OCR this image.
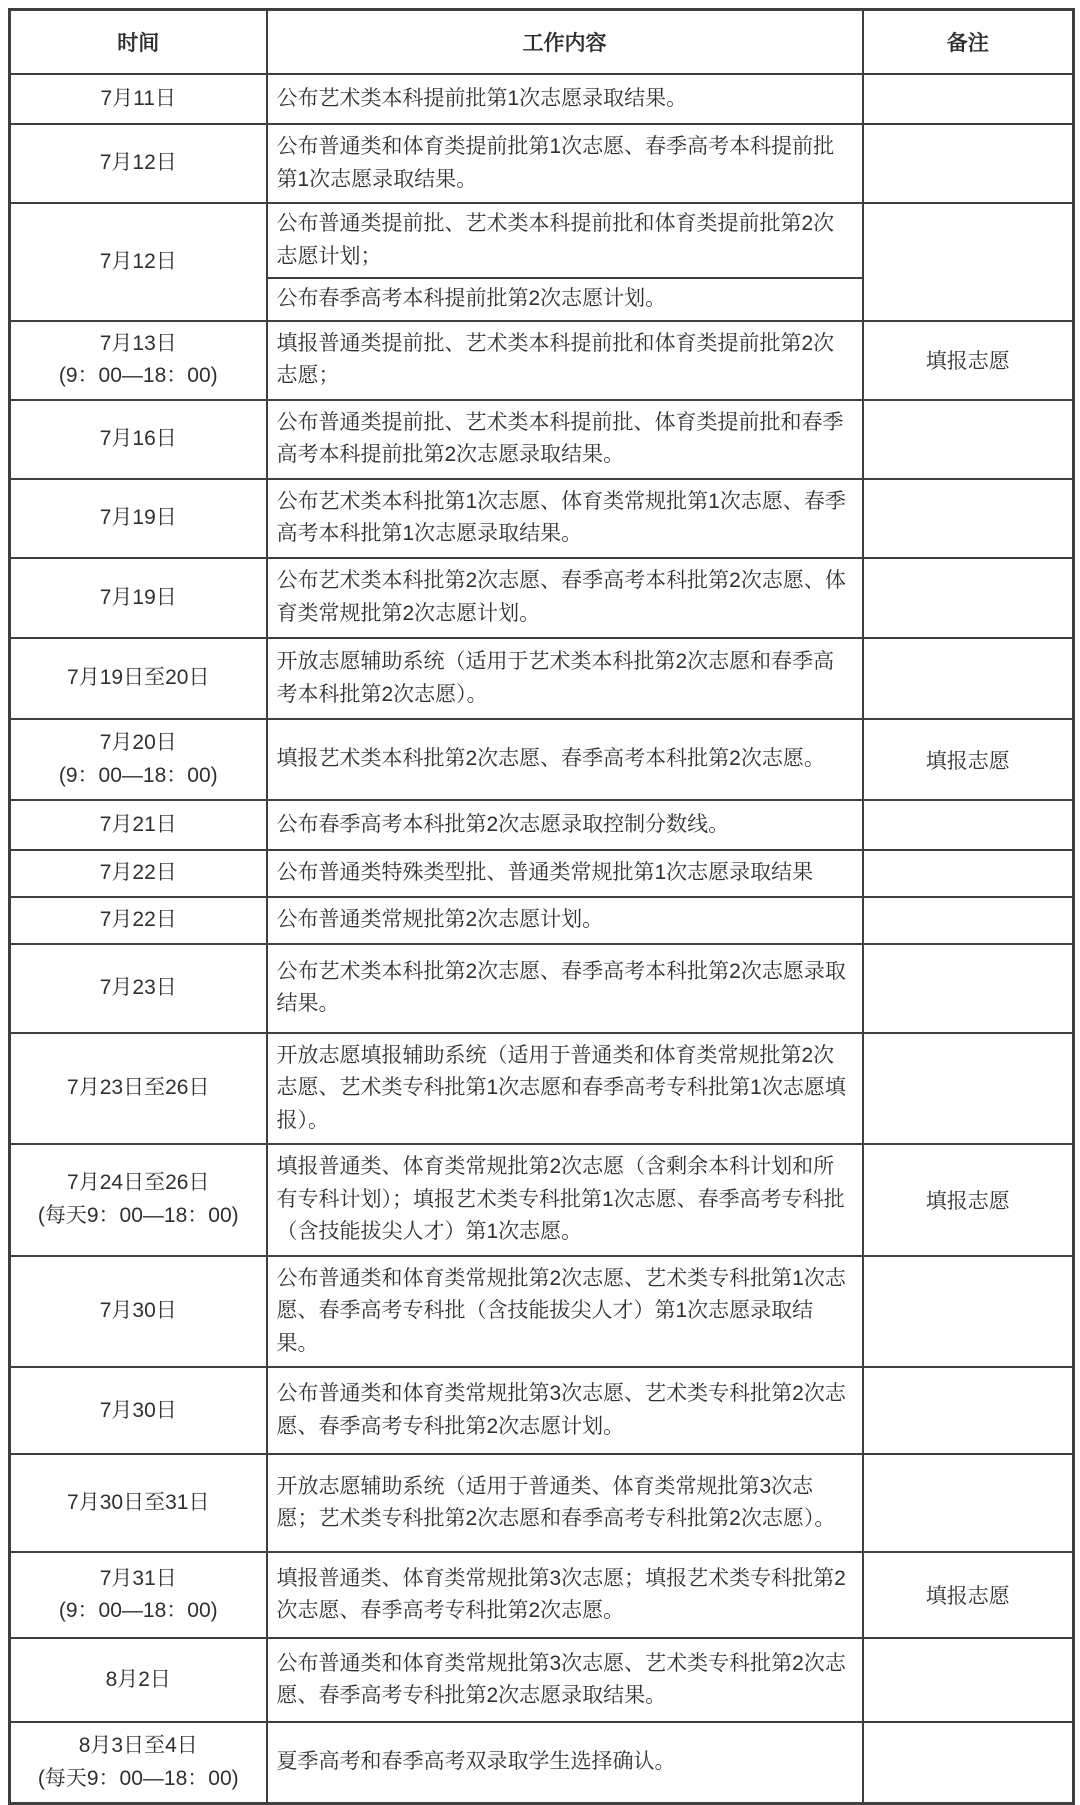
时间	工作内容	备注

7月11日	公布艺术类本科提前批第1次志愿录取结果。	

7月12日	公布普通类和体育类提前批第1次志愿、春季高考本科提前批第1次志愿录取结果。	

7月12日	公布普通类提前批、艺术类本科提前批和体育类提前批第2次志愿计划；
公布春季高考本科提前批第2次志愿计划。	

7月13日
(9：00—18：00)	填报普通类提前批、艺术类本科提前批和体育类提前批第2次志愿；	填报志愿

7月16日	公布普通类提前批、艺术类本科提前批、体育类提前批和春季高考本科提前批第2次志愿录取结果。	

7月19日	公布艺术类本科批第1次志愿、体育类常规批第1次志愿、春季高考本科批第1次志愿录取结果。	

7月19日	公布艺术类本科批第2次志愿、春季高考本科批第2次志愿、体育类常规批第2次志愿计划。	

7月19日至20日	开放志愿辅助系统（适用于艺术类本科批第2次志愿和春季高考本科批第2次志愿）。	

7月20日
(9：00—18：00)	填报艺术类本科批第2次志愿、春季高考本科批第2次志愿。	填报志愿

7月21日	公布春季高考本科批第2次志愿录取控制分数线。	

7月22日	公布普通类特殊类型批、普通类常规批第1次志愿录取结果	

7月22日	公布普通类常规批第2次志愿计划。	

7月23日	公布艺术类本科批第2次志愿、春季高考本科批第2次志愿录取结果。	

7月23日至26日	开放志愿填报辅助系统（适用于普通类和体育类常规批第2次志愿、艺术类专科批第1次志愿和春季高考专科批第1次志愿填报）。	

7月24日至26日
(每天9：00—18：00)	填报普通类、体育类常规批第2次志愿（含剩余本科计划和所有专科计划）；填报艺术类专科批第1次志愿、春季高考专科批（含技能拔尖人才）第1次志愿。	填报志愿

7月30日	公布普通类和体育类常规批第2次志愿、艺术类专科批第1次志愿、春季高考专科批（含技能拔尖人才）第1次志愿录取结果。	

7月30日	公布普通类和体育类常规批第3次志愿、艺术类专科批第2次志愿、春季高考专科批第2次志愿计划。	

7月30日至31日	开放志愿辅助系统（适用于普通类、体育类常规批第3次志愿；艺术类专科批第2次志愿和春季高考专科批第2次志愿）。	

7月31日
(9：00—18：00)	填报普通类、体育类常规批第3次志愿；填报艺术类专科批第2次志愿、春季高考专科批第2次志愿。	填报志愿

8月2日	公布普通类和体育类常规批第3次志愿、艺术类专科批第2次志愿、春季高考专科批第2次志愿录取结果。	

8月3日至4日
(每天9：00—18：00)	夏季高考和春季高考双录取学生选择确认。	
